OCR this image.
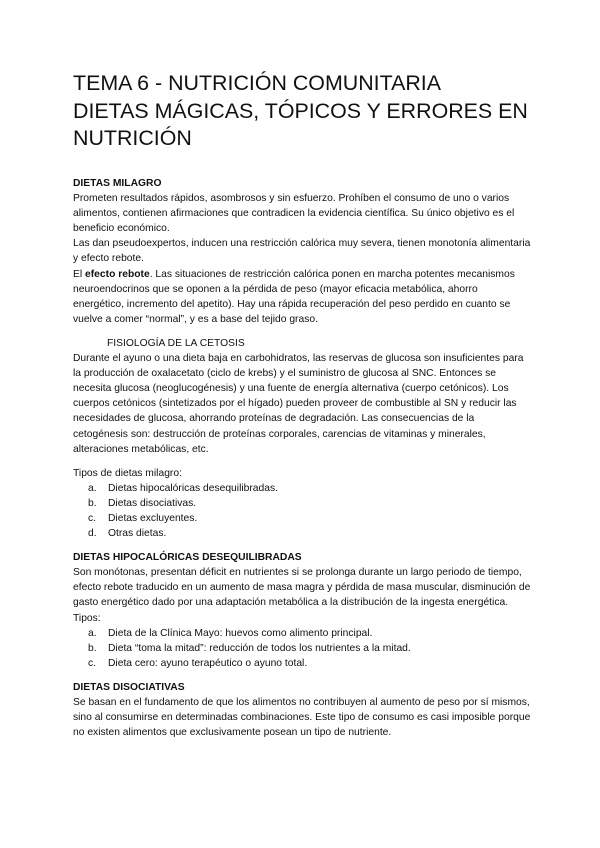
TEMA 6 - NUTRICIÓN COMUNITARIA
DIETAS MÁGICAS, TÓPICOS Y ERRORES EN
NUTRICIÓN

DIETAS MILAGRO

Prometen resultados rápidos, asombrosos y sin esfuerzo. Prohíben el consumo de uno o varios alimentos, contienen afirmaciones que contradicen la evidencia científica. Su único objetivo es el beneficio económico.

Las dan pseudoexpertos, inducen una restricción calórica muy severa, tienen monotonía alimentaria y efecto rebote.

El efecto rebote. Las situaciones de restricción calórica ponen en marcha potentes mecanismos neuroendocrinos que se oponen a la pérdida de peso (mayor eficacia metabólica, ahorro energético, incremento del apetito). Hay una rápida recuperación del peso perdido en cuanto se vuelve a comer “normal”, y es a base del tejido graso.

FISIOLOGÍA DE LA CETOSIS

Durante el ayuno o una dieta baja en carbohidratos, las reservas de glucosa son insuficientes para la producción de oxalacetato (ciclo de krebs) y el suministro de glucosa al SNC. Entonces se necesita glucosa (neoglucogénesis) y una fuente de energía alternativa (cuerpo cetónicos). Los cuerpos cetónicos (sintetizados por el hígado) pueden proveer de combustible al SN y reducir las necesidades de glucosa, ahorrando proteínas de degradación. Las consecuencias de la cetogénesis son: destrucción de proteínas corporales, carencias de vitaminas y minerales, alteraciones metabólicas, etc.

Tipos de dietas milagro:

a.	Dietas hipocalóricas desequilibradas.
b.	Dietas disociativas.
c.	Dietas excluyentes.
d.	Otras dietas.

DIETAS HIPOCALÓRICAS DESEQUILIBRADAS

Son monótonas, presentan déficit en nutrientes si se prolonga durante un largo periodo de tiempo, efecto rebote traducido en un aumento de masa magra y pérdida de masa muscular, disminución de gasto energético dado por una adaptación metabólica a la distribución de la ingesta energética.

Tipos:

a.	Dieta de la Clínica Mayo: huevos como alimento principal.
b.	Dieta “toma la mitad”: reducción de todos los nutrientes a la mitad.
c.	Dieta cero: ayuno terapéutico o ayuno total.

DIETAS DISOCIATIVAS

Se basan en el fundamento de que los alimentos no contribuyen al aumento de peso por sí mismos, sino al consumirse en determinadas combinaciones. Este tipo de consumo es casi imposible porque no existen alimentos que exclusivamente posean un tipo de nutriente.
